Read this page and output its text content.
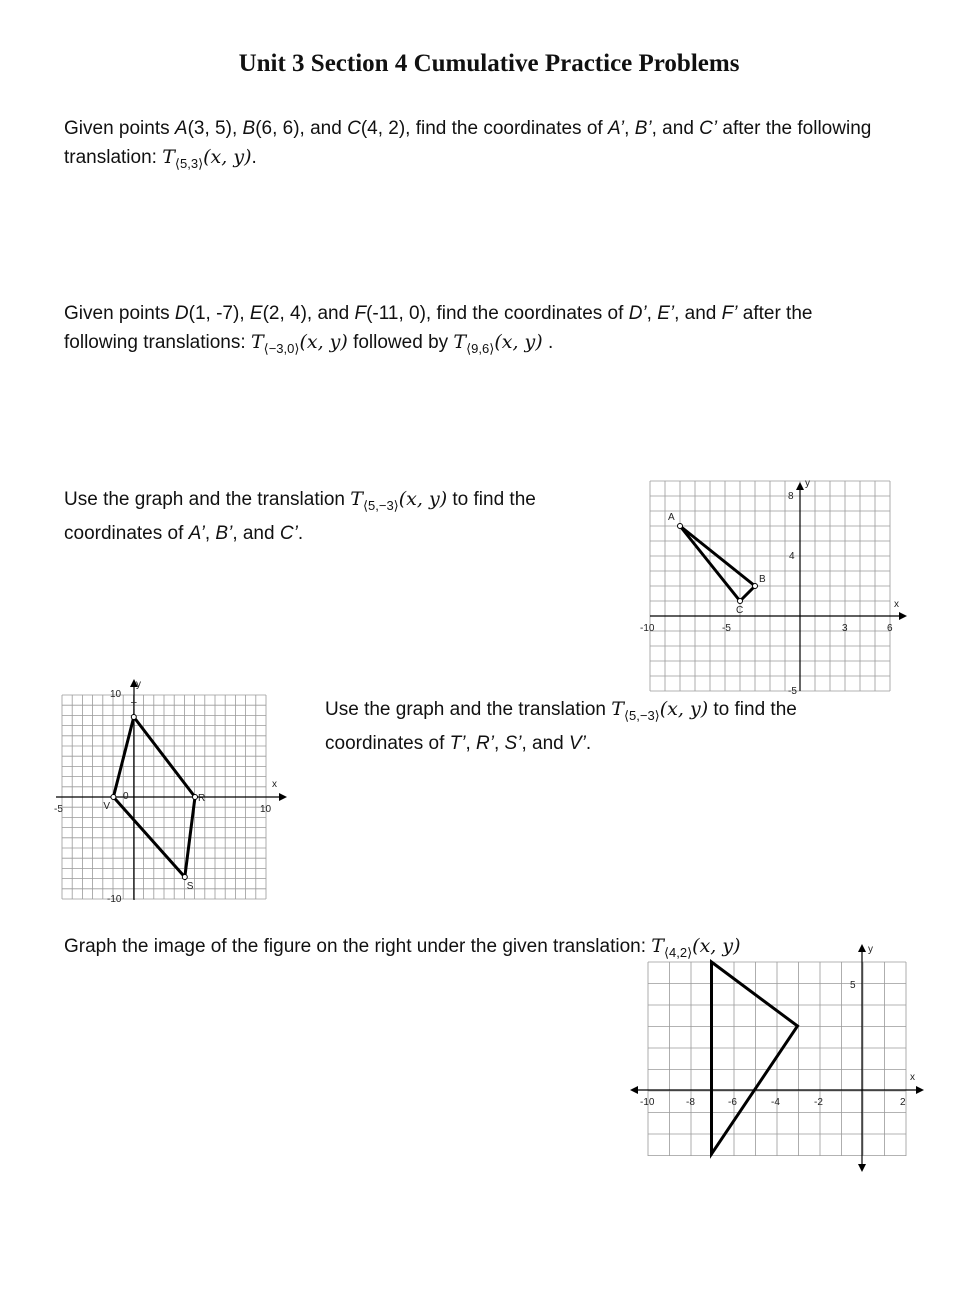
Unit 3 Section 4 Cumulative Practice Problems
Given points A(3, 5), B(6, 6), and C(4, 2), find the coordinates of A’, B’, and C’ after the following
translation: $T_{⟨5,3⟩}(x$, y).
Given points D(1, -7), E(2, 4), and F(-11, 0), find the coordinates of D’, E’, and F’ after the
following translations: $T_{⟨-3,0⟩}(x$, y) followed by $T_{⟨9,6⟩}(x$, y) .
Use the graph and the translation $T_{⟨5,-3⟩}(x$, y) to find the
coordinates of A’, B’, and C’.
x
y
-10	-5	3	6
8
4
-5
A
B
C
Use the graph and the translation $T_{⟨5,-3⟩}(x$, y) to find the
coordinates of T’, R’, S’, and V’.
x
y
10
-5	10
0
-10
T
R
S
V
Graph the image of the figure on the right under the given translation: $T_{⟨4,2⟩}(x$, y)
x
y
-10	-8	-6	-4	-2	2
5
